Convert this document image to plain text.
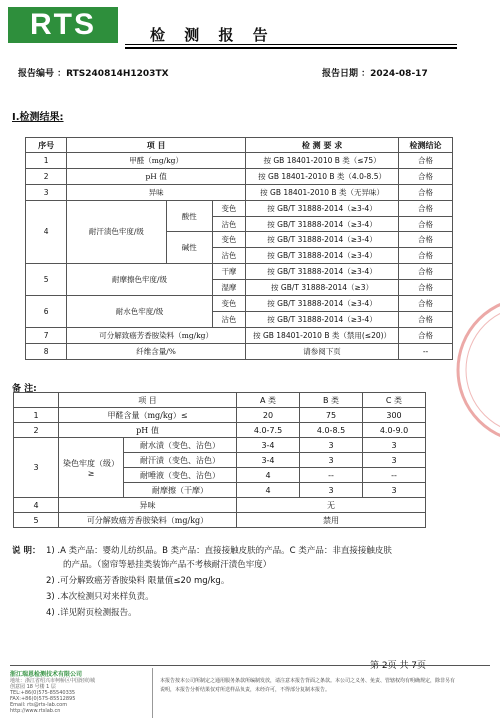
RTS	检 测 报 告
报告编号 ：RTS240814H1203TX	报告日期 ：2024-08-17
I.检测结果:
序号	项 目			检 测 要 求	检测结论
1	甲醛（mg/kg）			按 GB 18401-2010 B 类（≤75）	合格
2	pH 值			按 GB 18401-2010 B 类（4.0-8.5）	合格
3	异味			按 GB 18401-2010 B 类（无异味）	合格
4	耐汗渍色牢度/级	酸性	变色	按 GB/T 31888-2014（≥3-4）	合格
			沾色	按 GB/T 31888-2014（≥3-4）	合格
		碱性	变色	按 GB/T 31888-2014（≥3-4）	合格
			沾色	按 GB/T 31888-2014（≥3-4）	合格
5	耐摩擦色牢度/级		干摩	按 GB/T 31888-2014（≥3-4）	合格
			湿摩	按 GB/T 31888-2014（≥3）	合格
6	耐水色牢度/级		变色	按 GB/T 31888-2014（≥3-4）	合格
			沾色	按 GB/T 31888-2014（≥3-4）	合格
7	可分解致癌芳香胺染料（mg/kg）			按 GB 18401-2010 B 类（禁用(≤20)）	合格
8	纤维含量/%			请参阅下页	--
备 注:
	项 目		A 类	B 类	C 类
1	甲醛含量（mg/kg）≤		20	75	300
2	pH 值		4.0-7.5	4.0-8.5	4.0-9.0
3	染色牢度（级）≥	耐水渍（变色、沾色）	3-4	3	3
		耐汗渍（变色、沾色）	3-4	3	3
		耐唾液（变色、沾色）	4	--	--
		耐摩擦（干摩）	4	3	3
4	异味		无		
5	可分解致癌芳香胺染料（mg/kg）		禁用		
说 明： 1) .A 类产品：婴幼儿纺织品。B 类产品：直接接触皮肤的产品。C 类产品：非直接接触皮肤
的产品。（窗帘等悬挂类装饰产品不考核耐汗渍色牢度）
2) .可分解致癌芳香胺染料 限量值≤20 mg/kg。
3) .本次检测只对来样负责。
4) .详见附页检测报告。
第 2页 共 7页
浙江瑞恩检测技术有限公司
地址：浙江省绍兴市柯桥区中国轻纺城
创意园 18 号楼 1 层
TEL:+86(0)575-85540335
FAX:+86(0)575-85512895
Email: rts@rts-lab.com
http://www.rtslab.cn
本报告按本公司所制定之通用服务条款所编制发放，请注意本报告背面之条款。本公司之义务、免责、管辖权均有明确规定，除非另有说明，本报告分析结果仅对所送样品负责，未经许可，不得部分复制本报告。
